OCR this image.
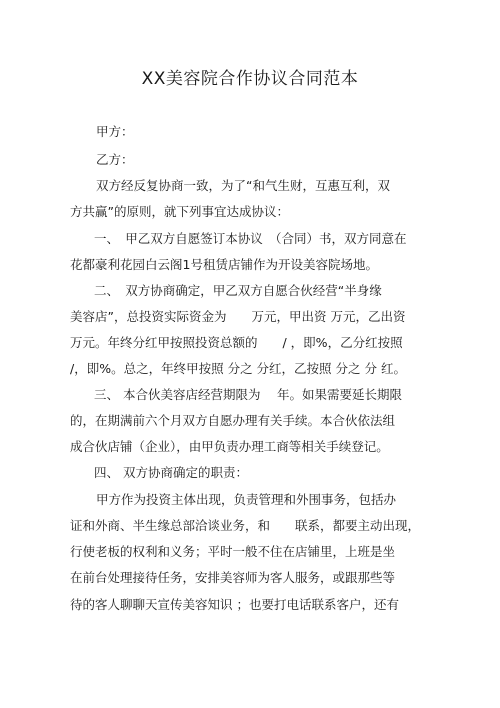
XX美容院合作协议合同范本

甲方：

乙方：

双方经反复协商一致，为了“和气生财，互惠互利，双

方共赢”的原则，就下列事宜达成协议：

一、　甲乙双方自愿签订本协议　（合同）书，双方同意在

花都豪利花园白云阁1号租赁店铺作为开设美容院场地。

二、　双方协商确定，甲乙双方自愿合伙经营“半身缘

美容店”，总投资实际资金为　　万元，甲出资 万元，乙出资

万元。年终分红甲按照投资总额的　　/ ，即%，乙分红按照

/，即%。总之，年终甲按照 分之 分红，乙按照 分之 分 红。

三、 本合伙美容店经营期限为　 年。如果需要延长期限

的，在期满前六个月双方自愿办理有关手续。本合伙依法组

成合伙店铺（企业），由甲负责办理工商等相关手续登记。

四、 双方协商确定的职责：

甲方作为投资主体出现，负责管理和外围事务，包括办

证和外商、半生缘总部洽谈业务，和　　联系，都要主动出现，

行使老板的权利和义务；平时一般不住在店铺里，上班是坐

在前台处理接待任务，安排美容师为客人服务，或跟那些等

待的客人聊聊天宣传美容知识 ；也要打电话联系客户，还有
